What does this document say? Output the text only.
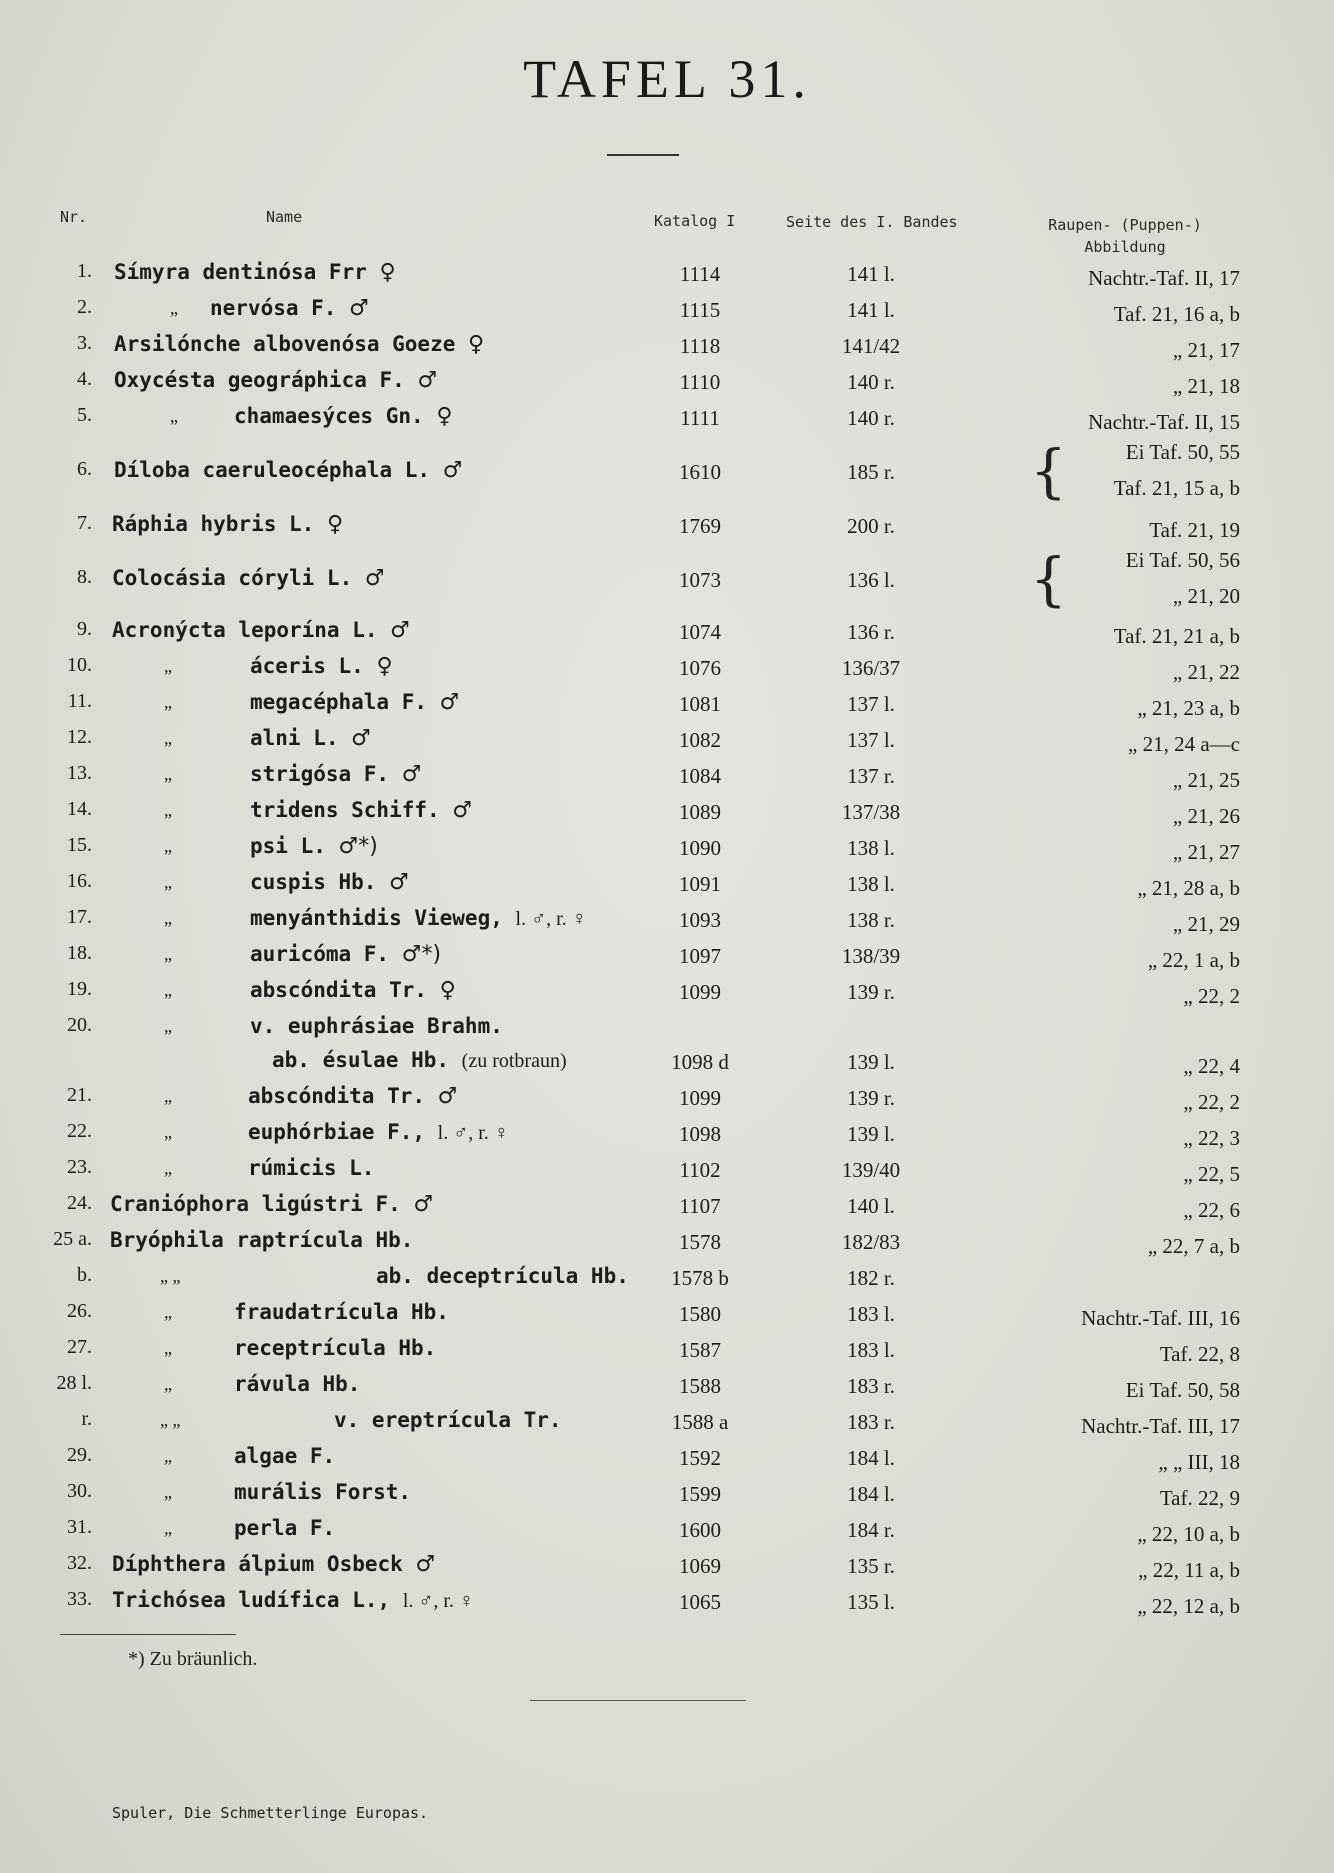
TAFEL 31.
Nr.	Name	Katalog I	Seite des I. Bandes	Raupen- (Puppen-)
Abbildung
1. Símyra dentinósa Frr ♀	1114	141 l.	Nachtr.-Taf. II, 17
2.	„ nervósa F. ♂	1115	141 l.	Taf. 21, 16 a, b
3. Arsilónche albovenósa Goeze ♀	1118	141/42	„ 21, 17
4. Oxycésta geográphica F. ♂	1110	140 r.	„ 21, 18
5.	„	chamaesýces Gn. ♀	1111	140 r.	Nachtr.-Taf. II, 15
6. Díloba caeruleocéphala L. ♂	1610	185 r.
Ei Taf. 50, 55
Taf. 21, 15 a, b
{
7. Ráphia hybris L. ♀	1769	200 r.	Taf. 21, 19
8. Colocásia córyli L. ♂	1073	136 l.
Ei Taf. 50, 56
„ 21, 20
{
9. Acronýcta leporína L. ♂	1074	136 r.	Taf. 21, 21 a, b
10.	„	áceris L. ♀	1076	136/37	„ 21, 22
11.	„	megacéphala F. ♂	1081	137 l.	„ 21, 23 a, b
12.	„	alni L. ♂	1082	137 l.	„ 21, 24 a—c
13.	„	strigósa F. ♂	1084	137 r.	„ 21, 25
14.	„	tridens Schiff. ♂	1089	137/38	„ 21, 26
15.	„	psi L. ♂*)	1090	138 l.	„ 21, 27
16.	„	cuspis Hb. ♂	1091	138 l.	„ 21, 28 a, b
17.	„	menyánthidis Vieweg, l. ♂, r. ♀	1093	138 r.	„ 21, 29
18.	„	auricóma F. ♂*)	1097	138/39	„ 22, 1 a, b
19.	„	abscóndita Tr. ♀	1099	139 r.	„ 22, 2
20.	„	v. euphrásiae Brahm.
ab. ésulae Hb. (zu rotbraun)	1098 d	139 l.	„ 22, 4
21.	„	abscóndita Tr. ♂	1099	139 r.	„ 22, 2
22.	„	euphórbiae F., l. ♂, r. ♀	1098	139 l.	„ 22, 3
23.	„	rúmicis L.	1102	139/40	„ 22, 5
24. Cranióphora ligústri F. ♂	1107	140 l.	„ 22, 6
25 a. Bryóphila raptrícula Hb.	1578	182/83	„ 22, 7 a, b
b.	„ „	ab. deceptrícula Hb.	1578 b	182 r.
26.	„	fraudatrícula Hb.	1580	183 l.	Nachtr.-Taf. III, 16
27.	„	receptrícula Hb.	1587	183 l.	Taf. 22, 8
28 l.	„	rávula Hb.	1588	183 r.	Ei Taf. 50, 58
r.	„ „	v. ereptrícula Tr.	1588 a	183 r.	Nachtr.-Taf. III, 17
29.	„	algae F.	1592	184 l.	„ „ III, 18
30.	„	murális Forst.	1599	184 l.	Taf. 22, 9
31.	„	perla F.	1600	184 r.	„ 22, 10 a, b
32. Díphthera álpium Osbeck ♂	1069	135 r.	„ 22, 11 a, b
33. Trichósea ludífica L., l. ♂, r. ♀	1065	135 l.	„ 22, 12 a, b
*) Zu bräunlich.
Spuler, Die Schmetterlinge Europas.
